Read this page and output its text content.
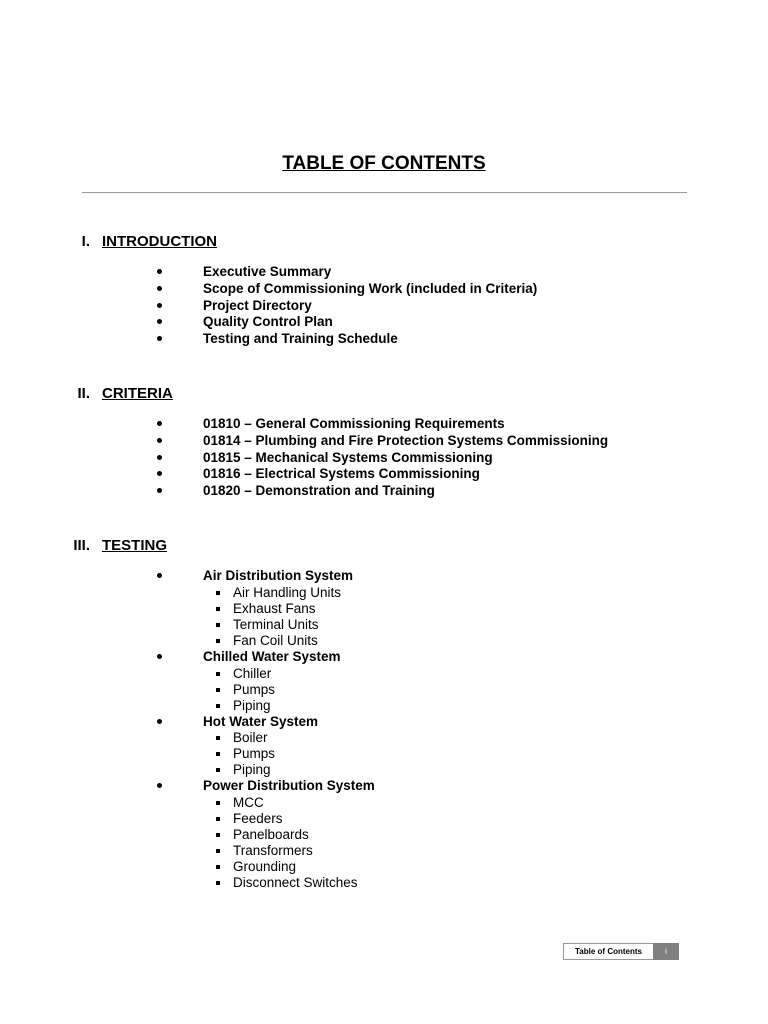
TABLE OF CONTENTS
I. INTRODUCTION
Executive Summary
Scope of Commissioning Work (included in Criteria)
Project Directory
Quality Control Plan
Testing and Training Schedule
II. CRITERIA
01810 – General Commissioning Requirements
01814 – Plumbing and Fire Protection Systems Commissioning
01815 – Mechanical Systems Commissioning
01816 – Electrical Systems Commissioning
01820 – Demonstration and Training
III. TESTING
Air Distribution System
Air Handling Units
Exhaust Fans
Terminal Units
Fan Coil Units
Chilled Water System
Chiller
Pumps
Piping
Hot Water System
Boiler
Pumps
Piping
Power Distribution System
MCC
Feeders
Panelboards
Transformers
Grounding
Disconnect Switches
Table of Contents	i
